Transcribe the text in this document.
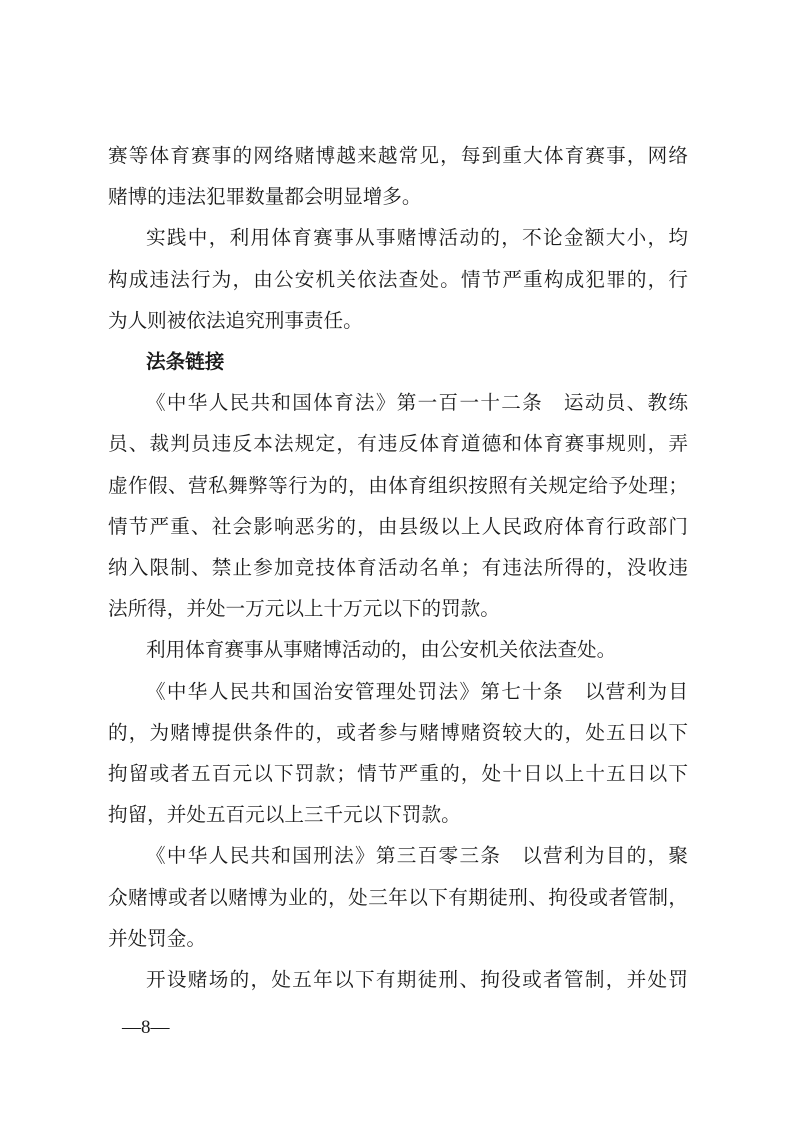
赛等体育赛事的网络赌博越来越常见，每到重大体育赛事，网络
赌博的违法犯罪数量都会明显增多。
实践中，利用体育赛事从事赌博活动的，不论金额大小，均
构成违法行为，由公安机关依法查处。情节严重构成犯罪的，行
为人则被依法追究刑事责任。
法条链接
《中华人民共和国体育法》第一百一十二条　运动员、教练
员、裁判员违反本法规定，有违反体育道德和体育赛事规则，弄
虚作假、营私舞弊等行为的，由体育组织按照有关规定给予处理；
情节严重、社会影响恶劣的，由县级以上人民政府体育行政部门
纳入限制、禁止参加竞技体育活动名单；有违法所得的，没收违
法所得，并处一万元以上十万元以下的罚款。
利用体育赛事从事赌博活动的，由公安机关依法查处。
《中华人民共和国治安管理处罚法》第七十条　以营利为目
的，为赌博提供条件的，或者参与赌博赌资较大的，处五日以下
拘留或者五百元以下罚款；情节严重的，处十日以上十五日以下
拘留，并处五百元以上三千元以下罚款。
《中华人民共和国刑法》第三百零三条　以营利为目的，聚
众赌博或者以赌博为业的，处三年以下有期徒刑、拘役或者管制，
并处罚金。
开设赌场的，处五年以下有期徒刑、拘役或者管制，并处罚
—8—
